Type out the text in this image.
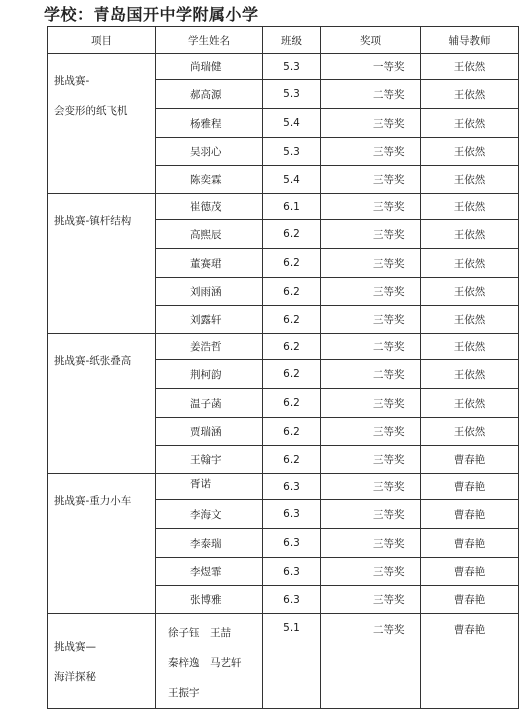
学校：青岛国开中学附属小学
项目	学生姓名	班级	奖项	辅导教师

挑战赛-
会变形的纸飞机	尚瑞健	5.3	一等奖	王依然
	郝高源	5.3	二等奖	王依然
	杨雅程	5.4	三等奖	王依然
	吴羽心	5.3	三等奖	王依然
	陈奕霖	5.4	三等奖	王依然

挑战赛-镇杆结构	崔德茂	6.1	三等奖	王依然
	高熙辰	6.2	三等奖	王依然
	董赛珺	6.2	三等奖	王依然
	刘雨涵	6.2	三等奖	王依然
	刘露轩	6.2	三等奖	王依然

挑战赛-纸张叠高	姜浩哲	6.2	二等奖	王依然
	荆柯韵	6.2	二等奖	王依然
	温子菡	6.2	三等奖	王依然
	贾瑞涵	6.2	三等奖	王依然
	王翰宇	6.2	三等奖	曹春艳

挑战赛-重力小车	胥诺	6.3	三等奖	曹春艳
	李海文	6.3	三等奖	曹春艳
	李泰瑞	6.3	三等奖	曹春艳
	李煜霏	6.3	三等奖	曹春艳
	张博雅	6.3	三等奖	曹春艳

挑战赛—
海洋探秘	徐子钰　王喆
秦梓逸　马艺轩
王振宇	5.1	二等奖	曹春艳
